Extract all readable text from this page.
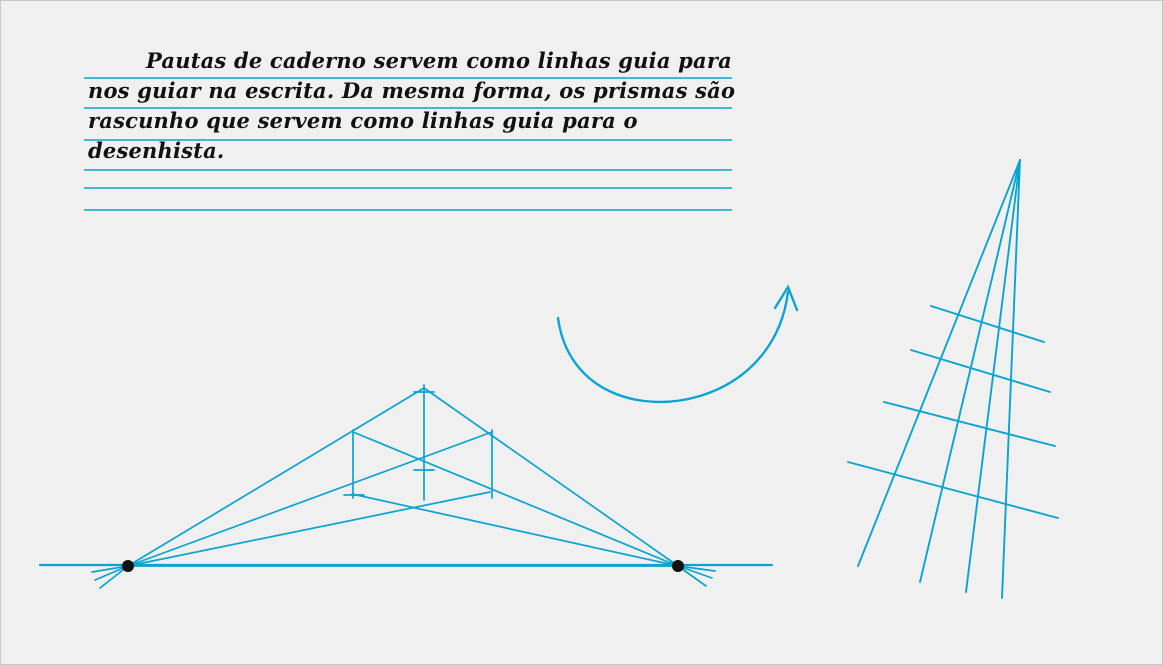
Pautas de caderno servem como linhas guia para nos guiar na escrita. Da mesma forma, os prismas são rascunho que servem como linhas guia para o desenhista.
